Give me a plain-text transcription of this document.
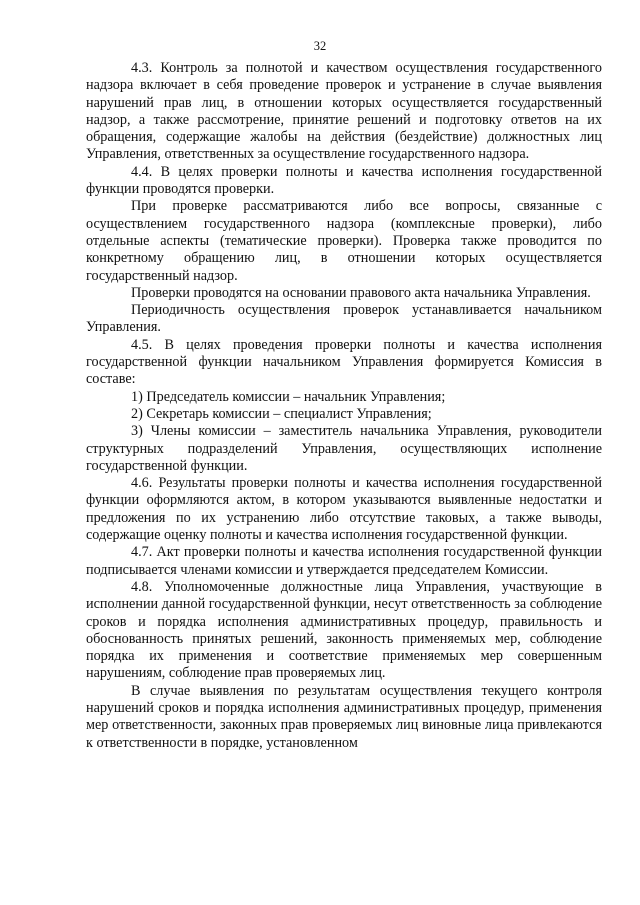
32

4.3. Контроль за полнотой и качеством осуществления государственного надзора включает в себя проведение проверок и устранение в случае выявления нарушений прав лиц, в отношении которых осуществляется государственный надзор, а также рассмотрение, принятие решений и подготовку ответов на их обращения, содержащие жалобы на действия (бездействие) должностных лиц Управления, ответственных за осуществление государственного надзора.

4.4. В целях проверки полноты и качества исполнения государственной функции проводятся проверки.

При проверке рассматриваются либо все вопросы, связанные с осуществлением государственного надзора (комплексные проверки), либо отдельные аспекты (тематические проверки). Проверка также проводится по конкретному обращению лиц, в отношении которых осуществляется государственный надзор.

Проверки проводятся на основании правового акта начальника Управления.

Периодичность осуществления проверок устанавливается начальником Управления.

4.5. В целях проведения проверки полноты и качества исполнения государственной функции начальником Управления формируется Комиссия в составе:

1) Председатель комиссии – начальник Управления;

2) Секретарь комиссии – специалист Управления;

3) Члены комиссии – заместитель начальника Управления, руководители структурных подразделений Управления, осуществляющих исполнение государственной функции.

4.6. Результаты проверки полноты и качества исполнения государственной функции оформляются актом, в котором указываются выявленные недостатки и предложения по их устранению либо отсутствие таковых, а также выводы, содержащие оценку полноты и качества исполнения государственной функции.

4.7. Акт проверки полноты и качества исполнения государственной функции подписывается членами комиссии и утверждается председателем Комиссии.

4.8. Уполномоченные должностные лица Управления, участвующие в исполнении данной государственной функции, несут ответственность за соблюдение сроков и порядка исполнения административных процедур, правильность и обоснованность принятых решений, законность применяемых мер, соблюдение порядка их применения и соответствие применяемых мер совершенным нарушениям, соблюдение прав проверяемых лиц.

В случае выявления по результатам осуществления текущего контроля нарушений сроков и порядка исполнения административных процедур, применения мер ответственности, законных прав проверяемых лиц виновные лица привлекаются к ответственности в порядке, установленном
